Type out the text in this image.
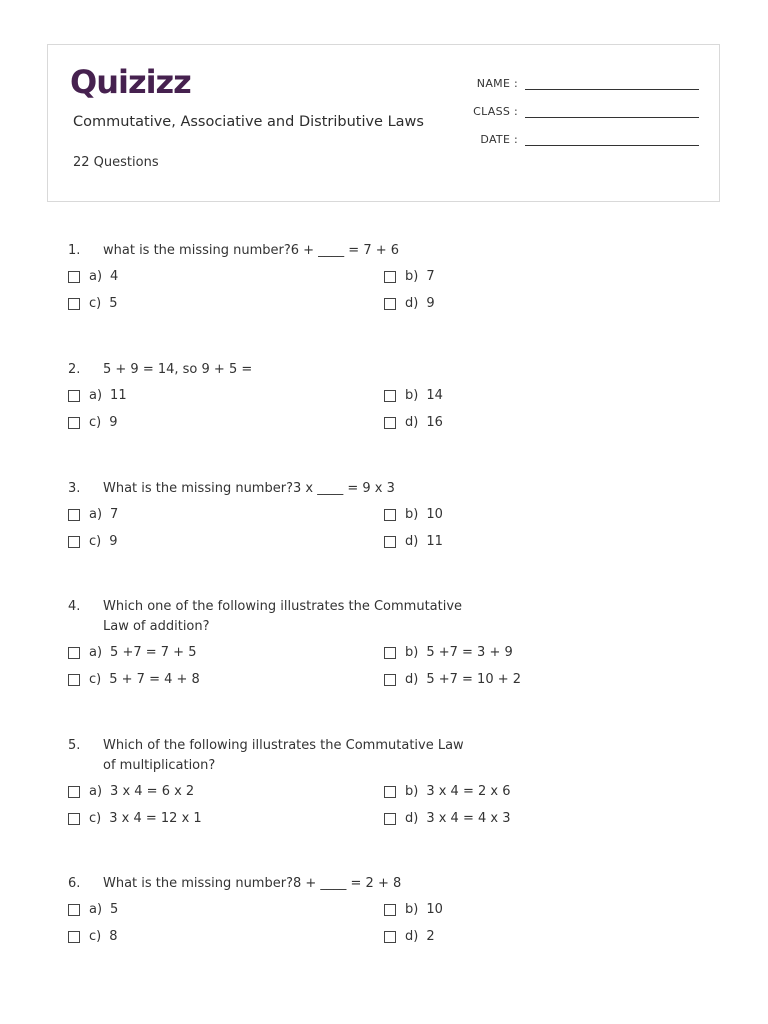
Quizizz
Commutative, Associative and Distributive Laws
22 Questions
NAME :
CLASS :
DATE :
1.	what is the missing number?6 + ____ = 7 + 6
a) 4	b) 7
c) 5	d) 9
2.	5 + 9 = 14, so 9 + 5 =
a) 11	b) 14
c) 9	d) 16
3.	What is the missing number?3 x ____ = 9 x 3
a) 7	b) 10
c) 9	d) 11
4.	Which one of the following illustrates the Commutative Law of addition?
a) 5 +7 = 7 + 5	b) 5 +7 = 3 + 9
c) 5 + 7 = 4 + 8	d) 5 +7 = 10 + 2
5.	Which of the following illustrates the Commutative Law of multiplication?
a) 3 x 4 = 6 x 2	b) 3 x 4 = 2 x 6
c) 3 x 4 = 12 x 1	d) 3 x 4 = 4 x 3
6.	What is the missing number?8 + ____ = 2 + 8
a) 5	b) 10
c) 8	d) 2
